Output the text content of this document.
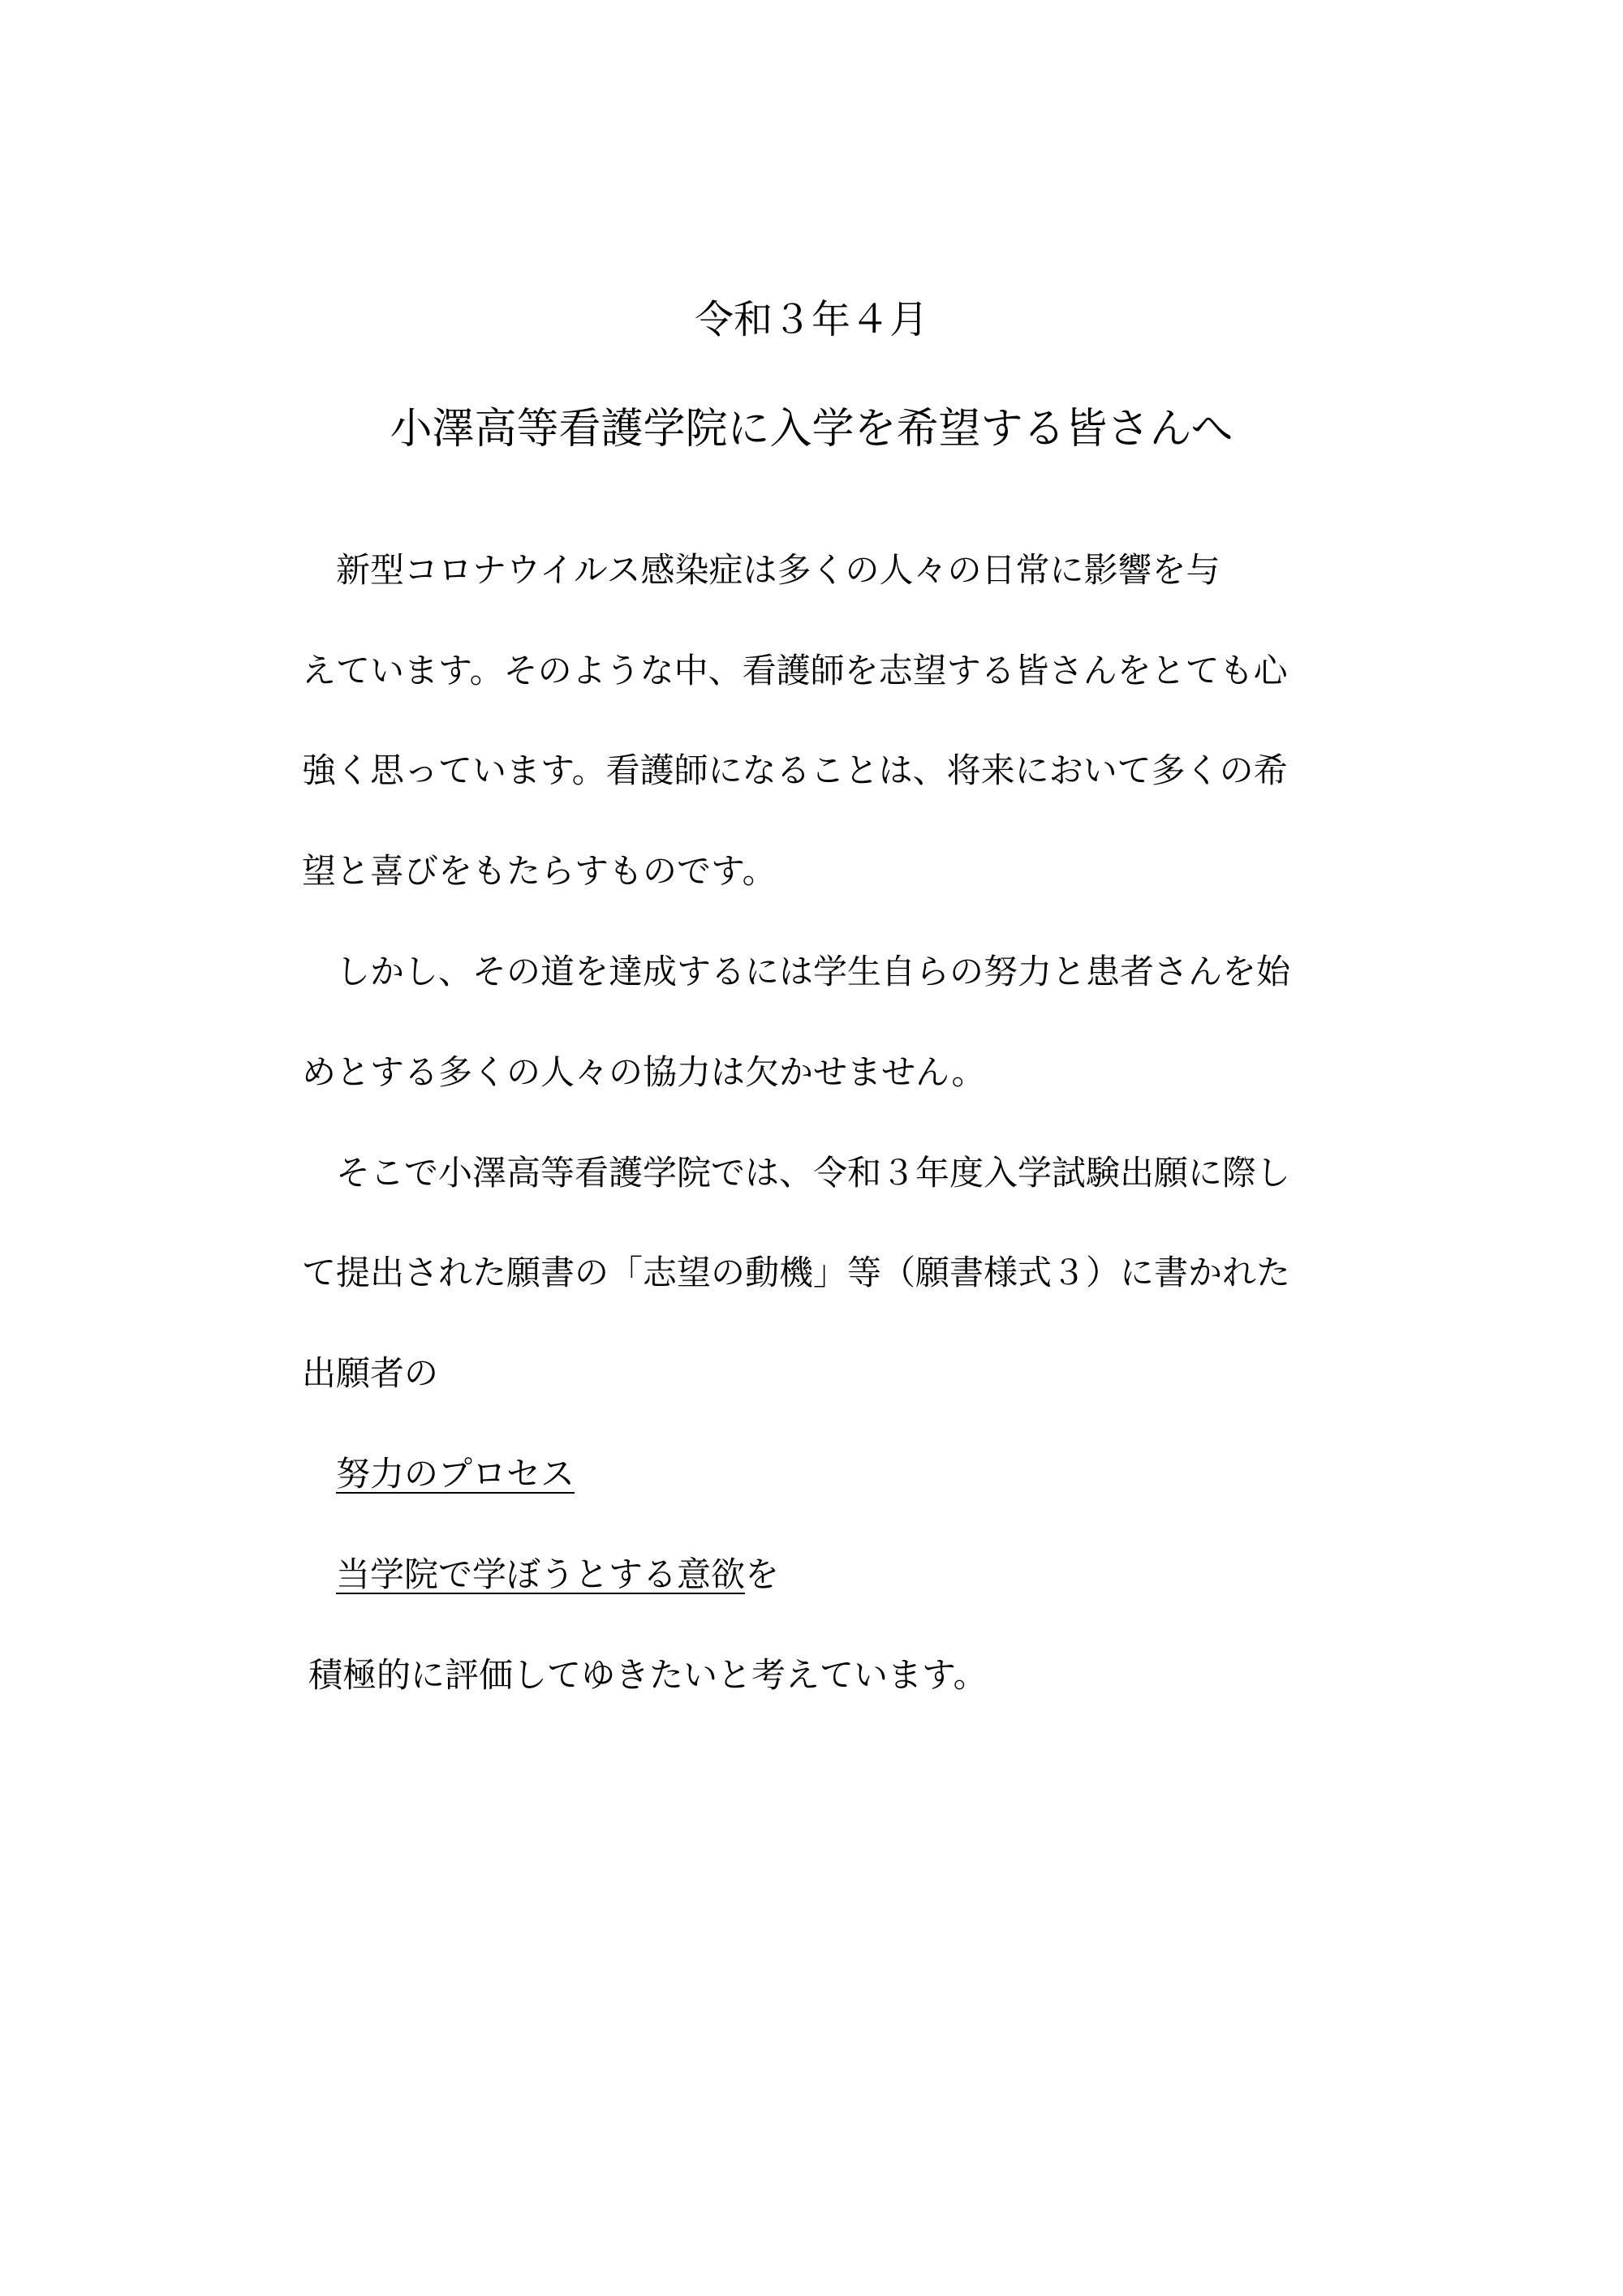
令和３年４月
小澤高等看護学院に入学を希望する皆さんへ
　新型コロナウイルス感染症は多くの人々の日常に影響を与
えています。そのような中、看護師を志望する皆さんをとても心
強く思っています。看護師になることは、将来において多くの希
望と喜びをもたらすものです。
　しかし、その道を達成するには学生自らの努力と患者さんを始
めとする多くの人々の協力は欠かせません。
　そこで小澤高等看護学院では、令和３年度入学試験出願に際し
て提出された願書の「志望の動機」等（願書様式３）に書かれた
出願者の
努力のプロセス
当学院で学ぼうとする意欲を
積極的に評価してゆきたいと考えています。
